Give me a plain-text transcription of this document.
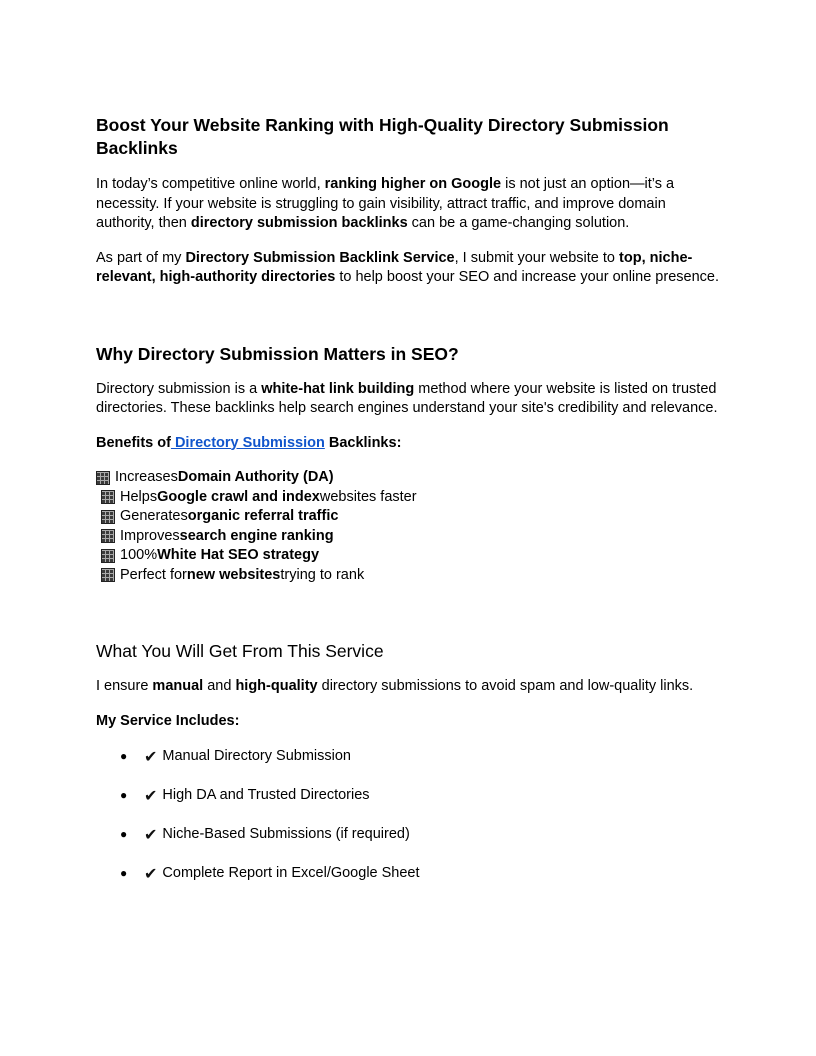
Boost Your Website Ranking with High-Quality Directory Submission Backlinks

In today’s competitive online world, ranking higher on Google is not just an option—it’s a necessity. If your website is struggling to gain visibility, attract traffic, and improve domain authority, then directory submission backlinks can be a game-changing solution.

As part of my Directory Submission Backlink Service, I submit your website to top, niche-relevant, high-authority directories to help boost your SEO and increase your online presence.

Why Directory Submission Matters in SEO?

Directory submission is a white-hat link building method where your website is listed on trusted directories. These backlinks help search engines understand your site's credibility and relevance.

Benefits of Directory Submission Backlinks:

Increases Domain Authority (DA)
Helps Google crawl and index websites faster
Generates organic referral traffic
Improves search engine ranking
100% White Hat SEO strategy
Perfect for new websites trying to rank
What You Will Get From This Service

I ensure manual and high-quality directory submissions to avoid spam and low-quality links.

My Service Includes:

●	✔ Manual Directory Submission
●	✔ High DA and Trusted Directories
●	✔ Niche-Based Submissions (if required)
●	✔ Complete Report in Excel/Google Sheet
